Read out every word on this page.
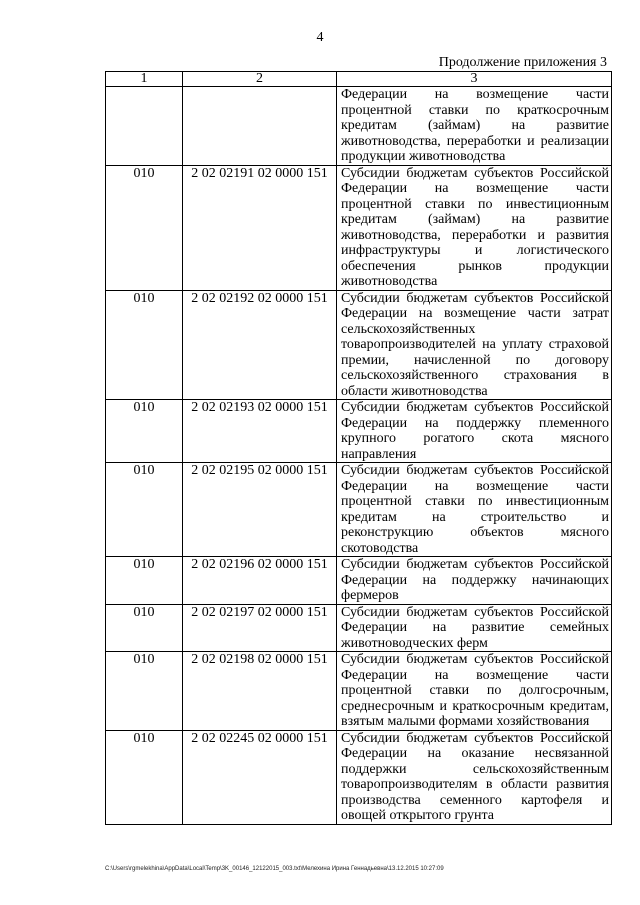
4
Продолжение приложения 3
1	2	3
		Федерации на возмещение части процентной ставки по краткосрочным кредитам (займам) на развитие животноводства, переработки и реализации продукции животноводства
010	2 02 02191 02 0000 151	Субсидии бюджетам субъектов Российской Федерации на возмещение части процентной ставки по инвестиционным кредитам (займам) на развитие животноводства, переработки и развития инфраструктуры и логистического обеспечения рынков продукции животноводства
010	2 02 02192 02 0000 151	Субсидии бюджетам субъектов Российской Федерации на возмещение части затрат сельскохозяйственных товаропроизводителей на уплату страховой премии, начисленной по договору сельскохозяйственного страхования в области животноводства
010	2 02 02193 02 0000 151	Субсидии бюджетам субъектов Российской Федерации на поддержку племенного крупного рогатого скота мясного направления
010	2 02 02195 02 0000 151	Субсидии бюджетам субъектов Российской Федерации на возмещение части процентной ставки по инвестиционным кредитам на строительство и реконструкцию объектов мясного скотоводства
010	2 02 02196 02 0000 151	Субсидии бюджетам субъектов Российской Федерации на поддержку начинающих фермеров
010	2 02 02197 02 0000 151	Субсидии бюджетам субъектов Российской Федерации на развитие семейных животноводческих ферм
010	2 02 02198 02 0000 151	Субсидии бюджетам субъектов Российской Федерации на возмещение части процентной ставки по долгосрочным, среднесрочным и краткосрочным кредитам, взятым малыми формами хозяйствования
010	2 02 02245 02 0000 151	Субсидии бюджетам субъектов Российской Федерации на оказание несвязанной поддержки сельскохозяйственным товаропроизводителям в области развития производства семенного картофеля и овощей открытого грунта
C:\Users\rgmelekhina\AppData\Local\Temp\3K_00146_12122015_003.txt\Мелехина Ирина Геннадьевна\13.12.2015 10:27:09
